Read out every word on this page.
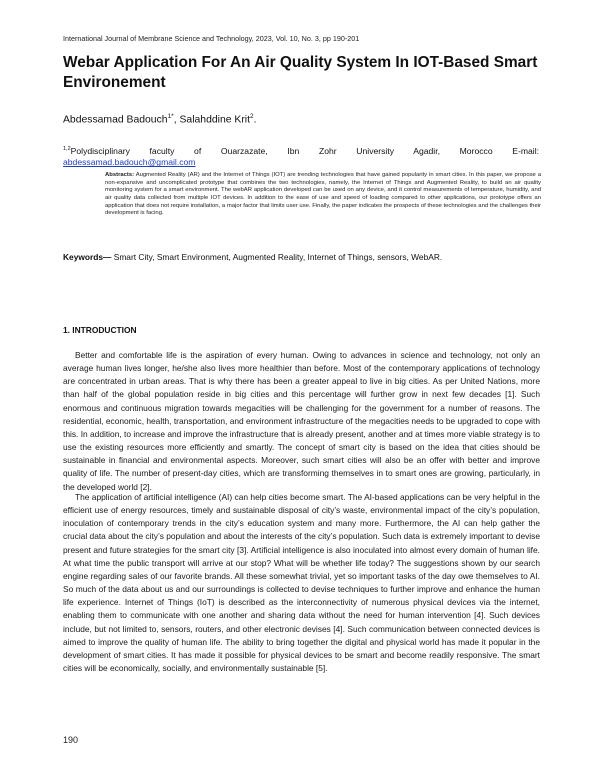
International Journal of Membrane Science and Technology, 2023, Vol. 10, No. 3, pp 190-201
Webar Application For An Air Quality System In IOT-Based Smart Environement
Abdessamad Badouch$^{1*}$, Salahddine Krit$^2$.
$^{1,2}$Polydisciplinary faculty of Ouarzazate, Ibn Zohr University Agadir, Morocco E-mail:
abdessamad.badouch@gmail.com
Abstracts: Augmented Reality (AR) and the Internet of Things (IOT) are trending technologies that have gained popularity in smart cities. In this paper, we propose a non-expansive and uncomplicated prototype that combines the two technologies, namely, the Internet of Things and Augmented Reality, to build an air quality monitoring system for a smart environment. The webAR application developed can be used on any device, and it control measurements of temperature, humidity, and air quality data collected from multiple IOT devices. In addition to the ease of use and speed of loading compared to other applications, our prototype offers an application that does not require installation, a major factor that limits user use. Finally, the paper indicates the prospects of these technologies and the challenges their development is facing.
Keywords— Smart City, Smart Environment, Augmented Reality, Internet of Things, sensors, WebAR.
1. INTRODUCTION

Better and comfortable life is the aspiration of every human. Owing to advances in science and technology, not only an average human lives longer, he/she also lives more healthier than before. Most of the contemporary applications of technology are concentrated in urban areas. That is why there has been a greater appeal to live in big cities. As per United Nations, more than half of the global population reside in big cities and this percentage will further grow in next few decades [1]. Such enormous and continuous migration towards megacities will be challenging for the government for a number of reasons. The residential, economic, health, transportation, and environment infrastructure of the megacities needs to be upgraded to cope with this. In addition, to increase and improve the infrastructure that is already present, another and at times more viable strategy is to use the existing resources more efficiently and smartly. The concept of smart city is based on the idea that cities should be sustainable in financial and environmental aspects. Moreover, such smart cities will also be an offer with better and improve quality of life. The number of present-day cities, which are transforming themselves in to smart ones are growing, particularly, in the developed world [2].

The application of artificial intelligence (AI) can help cities become smart. The AI-based applications can be very helpful in the efficient use of energy resources, timely and sustainable disposal of city’s waste, environmental impact of the city’s population, inoculation of contemporary trends in the city’s education system and many more. Furthermore, the AI can help gather the crucial data about the city’s population and about the interests of the city’s population. Such data is extremely important to devise present and future strategies for the smart city [3]. Artificial intelligence is also inoculated into almost every domain of human life. At what time the public transport will arrive at our stop? What will be whether life today? The suggestions shown by our search engine regarding sales of our favorite brands. All these somewhat trivial, yet so important tasks of the day owe themselves to AI. So much of the data about us and our surroundings is collected to devise techniques to further improve and enhance the human life experience. Internet of Things (IoT) is described as the interconnectivity of numerous physical devices via the internet, enabling them to communicate with one another and sharing data without the need for human intervention [4]. Such devices include, but not limited to, sensors, routers, and other electronic devises [4]. Such communication between connected devices is aimed to improve the quality of human life. The ability to bring together the digital and physical world has made it popular in the development of smart cities. It has made it possible for physical devices to be smart and become readily responsive. The smart cities will be economically, socially, and environmentally sustainable [5].

190
